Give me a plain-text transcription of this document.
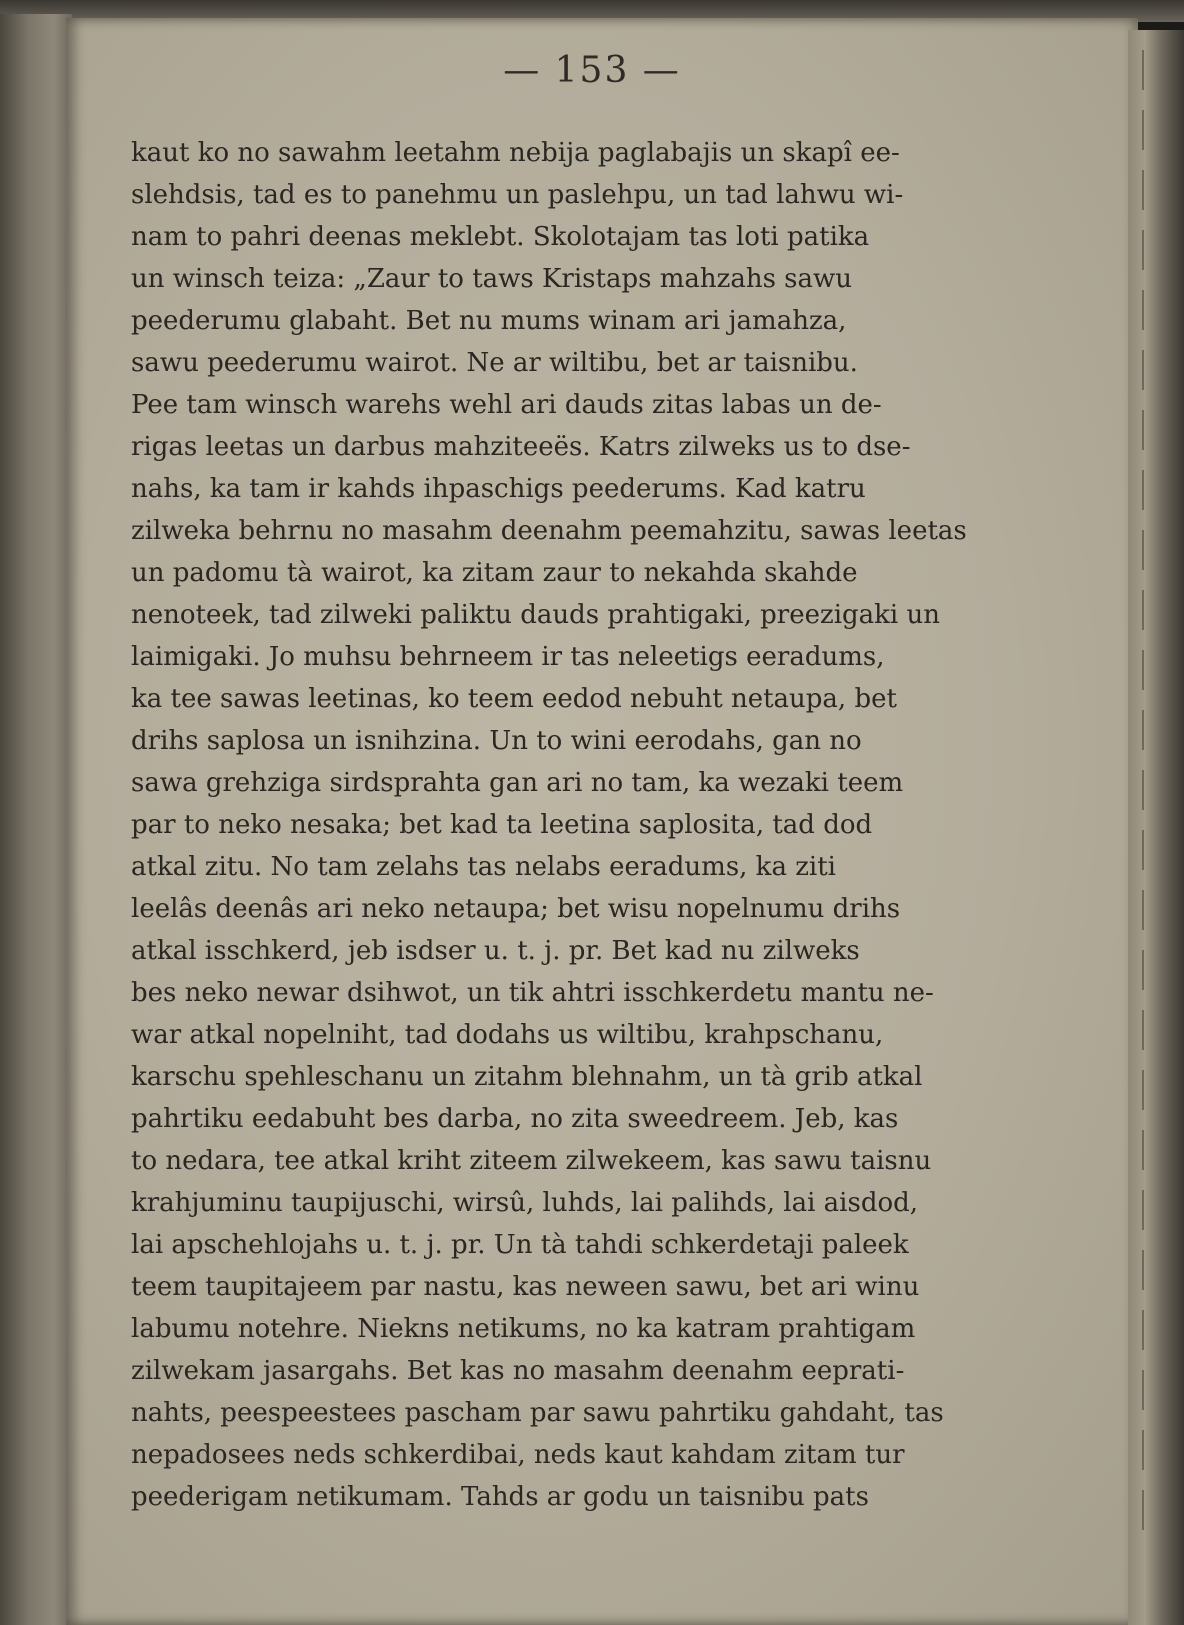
— 153 —
kaut ko no sawahm leetahm nebija paglabajis un skapî ee-
slehdsis, tad es to panehmu un paslehpu, un tad lahwu wi-
nam to pahri deenas meklebt. Skolotajam tas loti patika
un winsch teiza: „Zaur to taws Kristaps mahzahs sawu
peederumu glabaht. Bet nu mums winam ari jamahza,
sawu peederumu wairot. Ne ar wiltibu, bet ar taisnibu.
Pee tam winsch warehs wehl ari dauds zitas labas un de-
rigas leetas un darbus mahziteeës. Katrs zilweks us to dse-
nahs, ka tam ir kahds ihpaschigs peederums. Kad katru
zilweka behrnu no masahm deenahm peemahzitu, sawas leetas
un padomu tà wairot, ka zitam zaur to nekahda skahde
nenoteek, tad zilweki paliktu dauds prahtigaki, preezigaki un
laimigaki. Jo muhsu behrneem ir tas neleetigs eeradums,
ka tee sawas leetinas, ko teem eedod nebuht netaupa, bet
drihs saplosa un isnihzina. Un to wini eerodahs, gan no
sawa grehziga sirdsprahta gan ari no tam, ka wezaki teem
par to neko nesaka; bet kad ta leetina saplosita, tad dod
atkal zitu. No tam zelahs tas nelabs eeradums, ka ziti
leelâs deenâs ari neko netaupa; bet wisu nopelnumu drihs
atkal isschkerd, jeb isdser u. t. j. pr. Bet kad nu zilweks
bes neko newar dsihwot, un tik ahtri isschkerdetu mantu ne-
war atkal nopelniht, tad dodahs us wiltibu, krahpschanu,
karschu spehleschanu un zitahm blehnahm, un tà grib atkal
pahrtiku eedabuht bes darba, no zita sweedreem. Jeb, kas
to nedara, tee atkal kriht ziteem zilwekeem, kas sawu taisnu
krahjuminu taupijuschi, wirsû, luhds, lai palihds, lai aisdod,
lai apschehlojahs u. t. j. pr. Un tà tahdi schkerdetaji paleek
teem taupitajeem par nastu, kas neween sawu, bet ari winu
labumu notehre. Niekns netikums, no ka katram prahtigam
zilwekam jasargahs. Bet kas no masahm deenahm eeprati-
nahts, peespeestees pascham par sawu pahrtiku gahdaht, tas
nepadosees neds schkerdibai, neds kaut kahdam zitam tur
peederigam netikumam. Tahds ar godu un taisnibu pats
